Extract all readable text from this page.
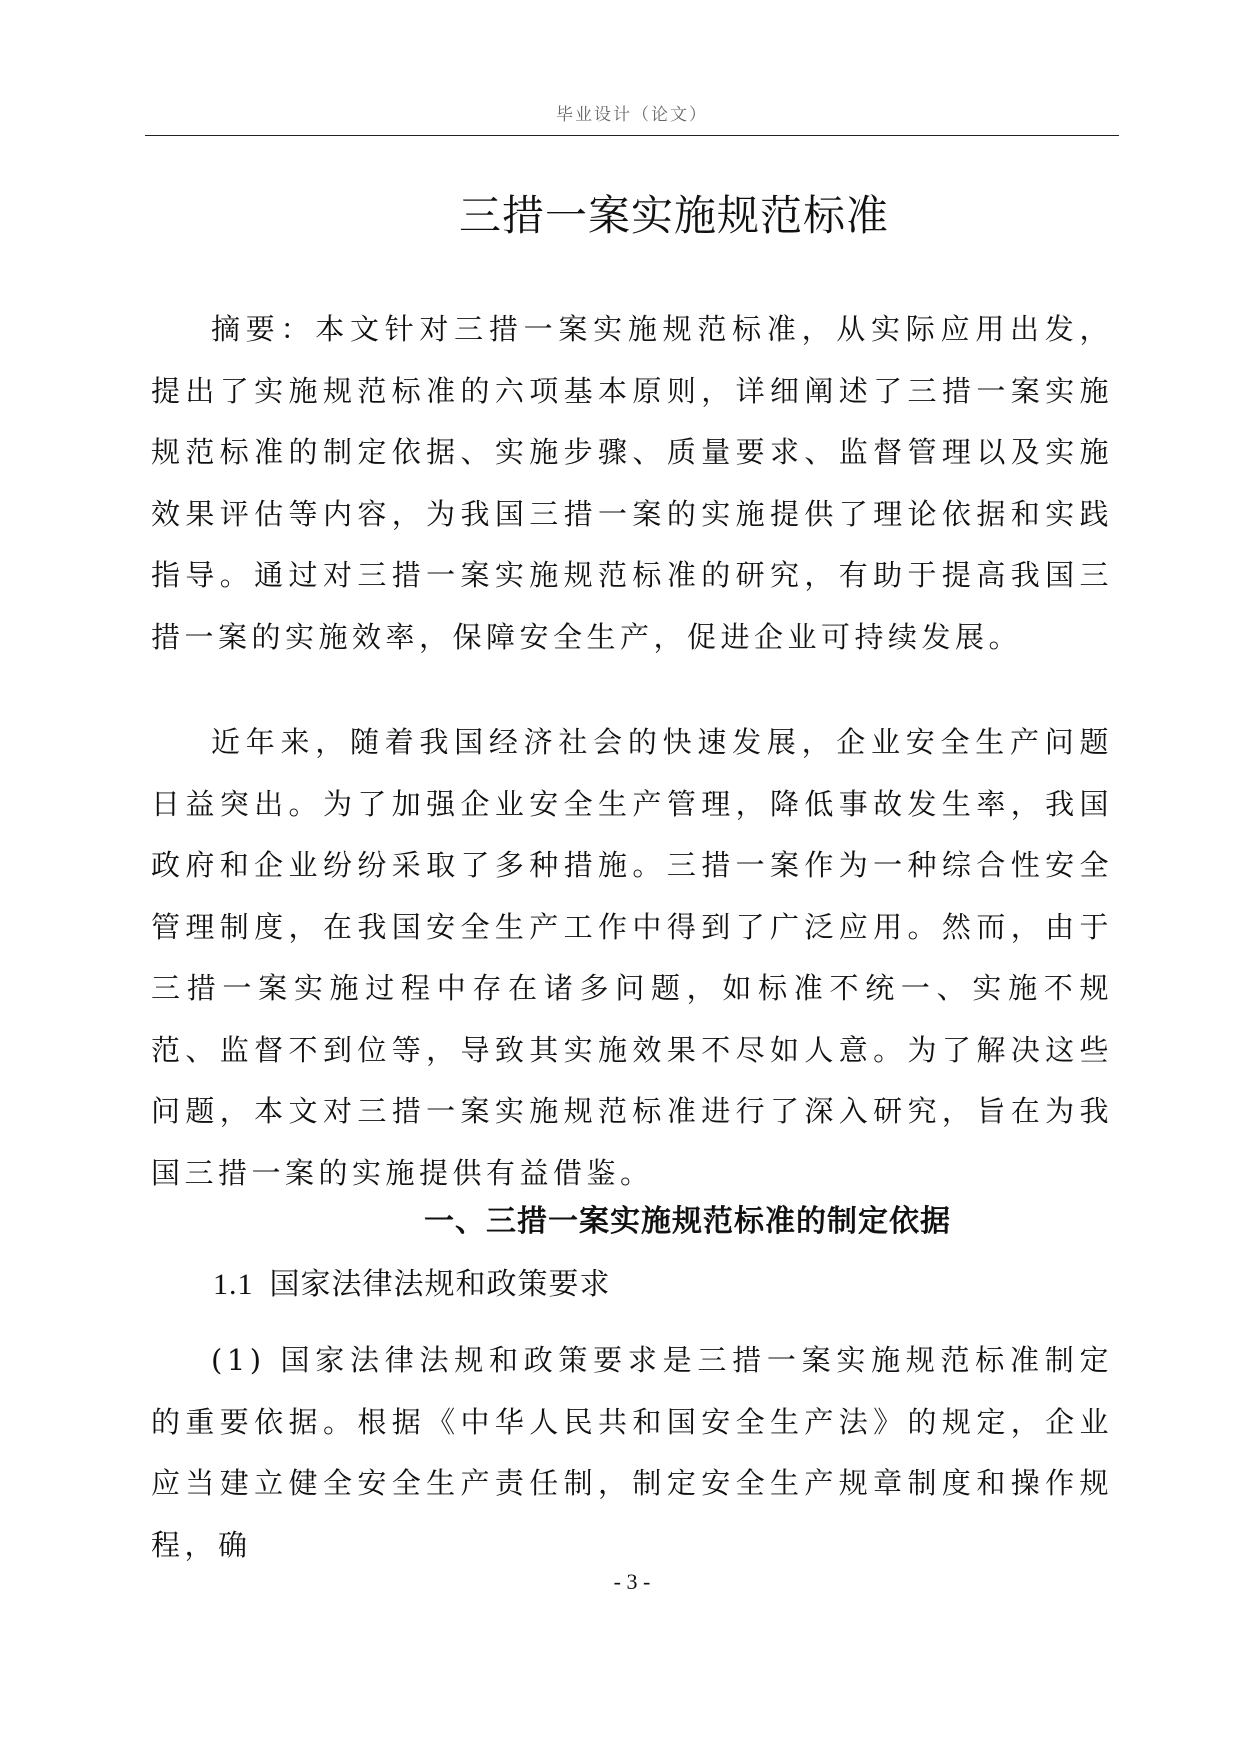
毕业设计（论文）
三措一案实施规范标准

摘要：本文针对三措一案实施规范标准，从实际应用出发，提出了实施规范标准的六项基本原则，详细阐述了三措一案实施规范标准的制定依据、实施步骤、质量要求、监督管理以及实施效果评估等内容，为我国三措一案的实施提供了理论依据和实践指导。通过对三措一案实施规范标准的研究，有助于提高我国三措一案的实施效率，保障安全生产，促进企业可持续发展。

近年来，随着我国经济社会的快速发展，企业安全生产问题日益突出。为了加强企业安全生产管理，降低事故发生率，我国政府和企业纷纷采取了多种措施。三措一案作为一种综合性安全管理制度，在我国安全生产工作中得到了广泛应用。然而，由于三措一案实施过程中存在诸多问题，如标准不统一、实施不规范、监督不到位等，导致其实施效果不尽如人意。为了解决这些问题，本文对三措一案实施规范标准进行了深入研究，旨在为我国三措一案的实施提供有益借鉴。

一、三措一案实施规范标准的制定依据
1.1 国家法律法规和政策要求

(1) 国家法律法规和政策要求是三措一案实施规范标准制定的重要依据。根据《中华人民共和国安全生产法》的规定，企业应当建立健全安全生产责任制，制定安全生产规章制度和操作规程，确

- 3 -
